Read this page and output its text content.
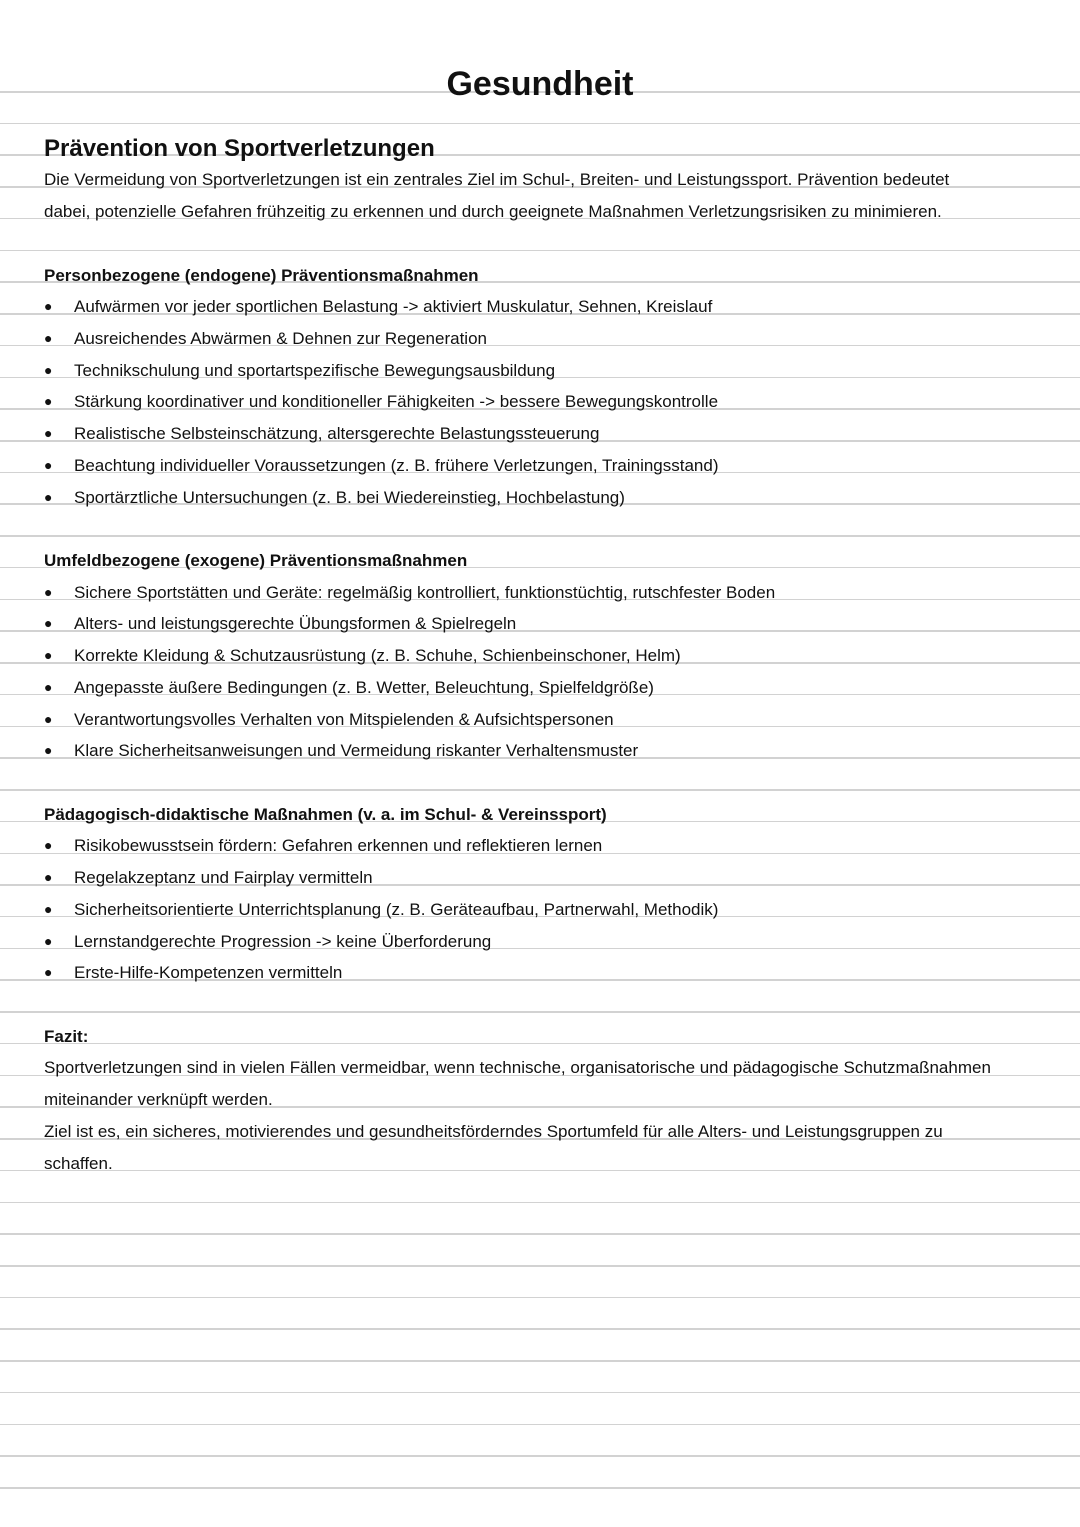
Gesundheit
Prävention von Sportverletzungen
Die Vermeidung von Sportverletzungen ist ein zentrales Ziel im Schul-, Breiten- und Leistungssport. Prävention bedeutet
dabei, potenzielle Gefahren frühzeitig zu erkennen und durch geeignete Maßnahmen Verletzungsrisiken zu minimieren.
Personbezogene (endogene) Präventionsmaßnahmen
● Aufwärmen vor jeder sportlichen Belastung -> aktiviert Muskulatur, Sehnen, Kreislauf
● Ausreichendes Abwärmen & Dehnen zur Regeneration
● Technikschulung und sportartspezifische Bewegungsausbildung
● Stärkung koordinativer und konditioneller Fähigkeiten -> bessere Bewegungskontrolle
● Realistische Selbsteinschätzung, altersgerechte Belastungssteuerung
● Beachtung individueller Voraussetzungen (z. B. frühere Verletzungen, Trainingsstand)
● Sportärztliche Untersuchungen (z. B. bei Wiedereinstieg, Hochbelastung)
Umfeldbezogene (exogene) Präventionsmaßnahmen
● Sichere Sportstätten und Geräte: regelmäßig kontrolliert, funktionstüchtig, rutschfester Boden
● Alters- und leistungsgerechte Übungsformen & Spielregeln
● Korrekte Kleidung & Schutzausrüstung (z. B. Schuhe, Schienbeinschoner, Helm)
● Angepasste äußere Bedingungen (z. B. Wetter, Beleuchtung, Spielfeldgröße)
● Verantwortungsvolles Verhalten von Mitspielenden & Aufsichtspersonen
● Klare Sicherheitsanweisungen und Vermeidung riskanter Verhaltensmuster
Pädagogisch-didaktische Maßnahmen (v. a. im Schul- & Vereinssport)
● Risikobewusstsein fördern: Gefahren erkennen und reflektieren lernen
● Regelakzeptanz und Fairplay vermitteln
● Sicherheitsorientierte Unterrichtsplanung (z. B. Geräteaufbau, Partnerwahl, Methodik)
● Lernstandgerechte Progression -> keine Überforderung
● Erste-Hilfe-Kompetenzen vermitteln
Fazit:
Sportverletzungen sind in vielen Fällen vermeidbar, wenn technische, organisatorische und pädagogische Schutzmaßnahmen
miteinander verknüpft werden.
Ziel ist es, ein sicheres, motivierendes und gesundheitsförderndes Sportumfeld für alle Alters- und Leistungsgruppen zu
schaffen.
